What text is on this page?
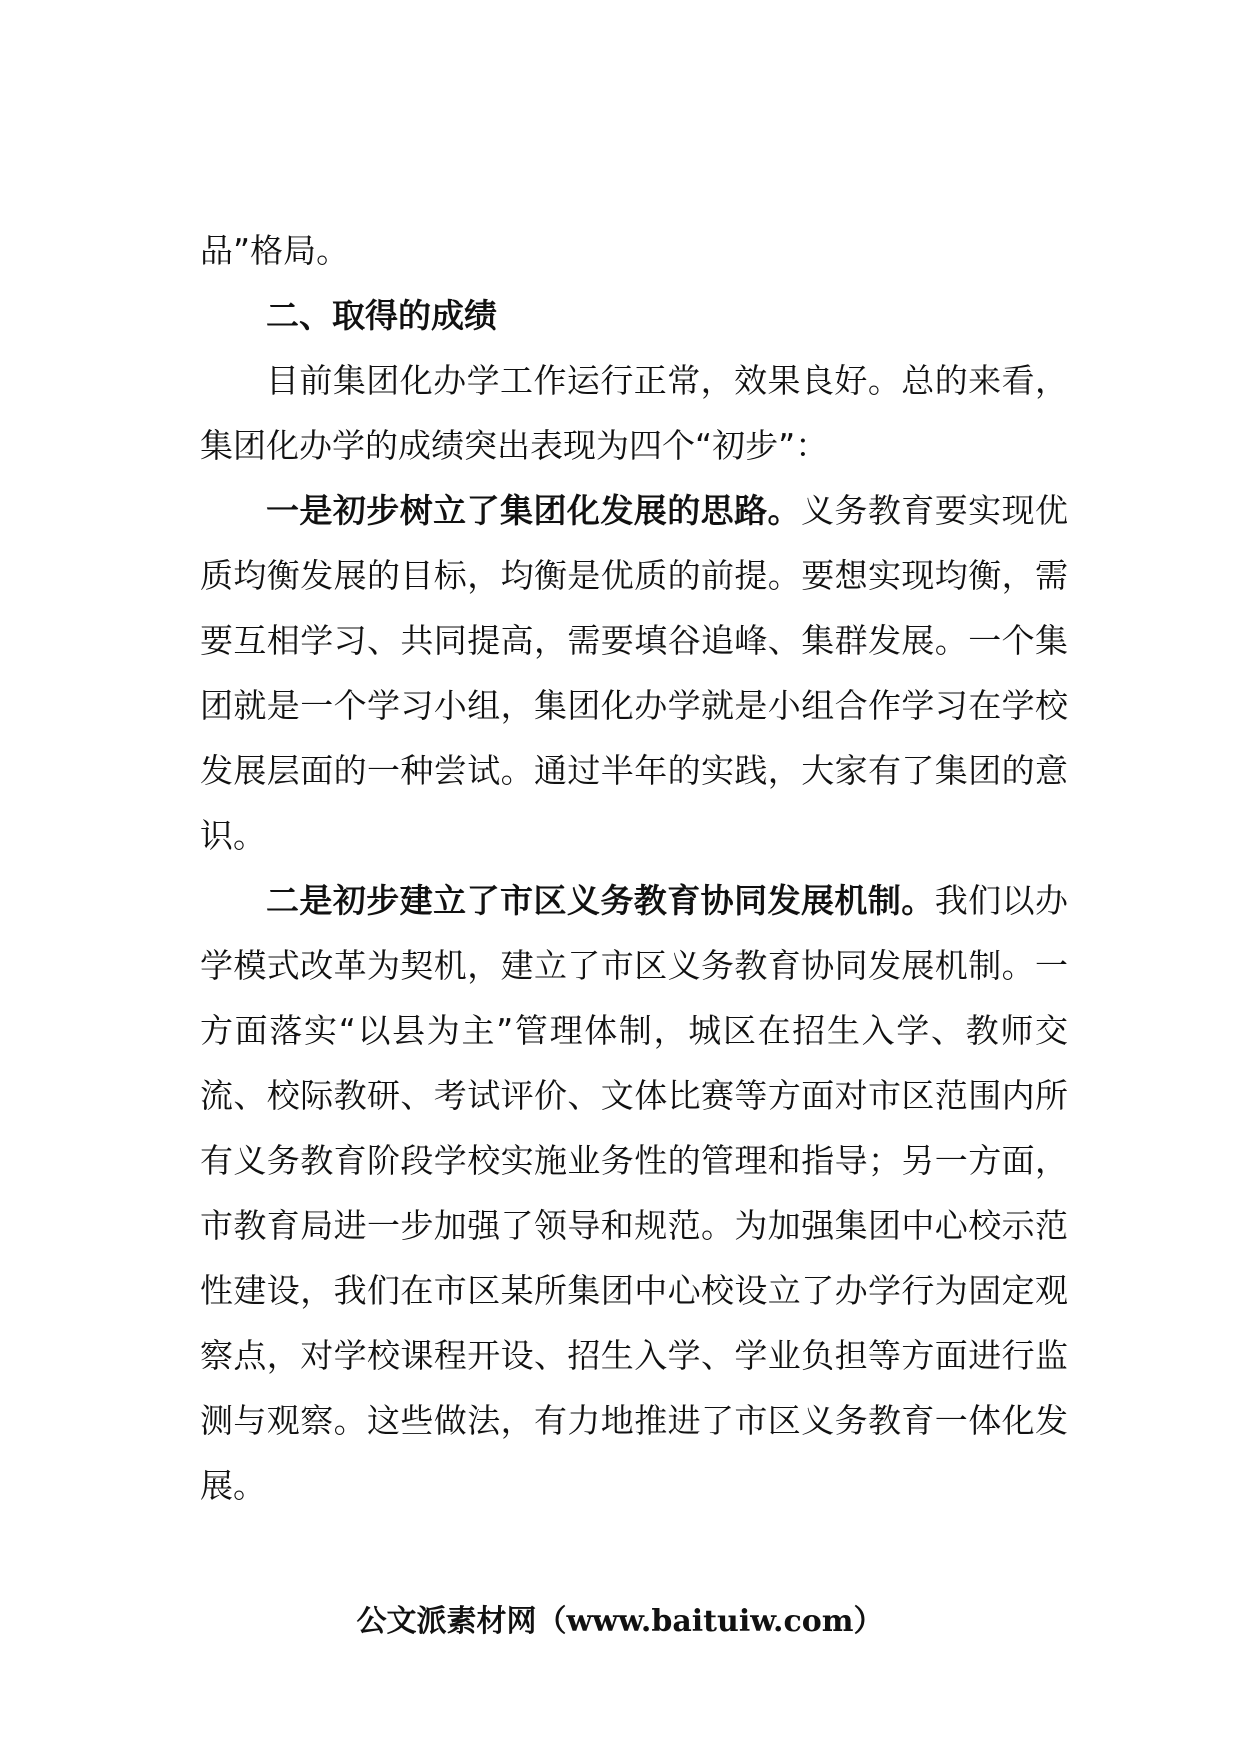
品”格局。

二、取得的成绩

目前集团化办学工作运行正常，效果良好。总的来看，集团化办学的成绩突出表现为四个“初步”：

一是初步树立了集团化发展的思路。义务教育要实现优质均衡发展的目标，均衡是优质的前提。要想实现均衡，需要互相学习、共同提高，需要填谷追峰、集群发展。一个集团就是一个学习小组，集团化办学就是小组合作学习在学校发展层面的一种尝试。通过半年的实践，大家有了集团的意识。

二是初步建立了市区义务教育协同发展机制。我们以办学模式改革为契机，建立了市区义务教育协同发展机制。一方面落实“以县为主”管理体制，城区在招生入学、教师交流、校际教研、考试评价、文体比赛等方面对市区范围内所有义务教育阶段学校实施业务性的管理和指导；另一方面，市教育局进一步加强了领导和规范。为加强集团中心校示范性建设，我们在市区某所集团中心校设立了办学行为固定观察点，对学校课程开设、招生入学、学业负担等方面进行监测与观察。这些做法，有力地推进了市区义务教育一体化发展。

公文派素材网（www.baituiw.com）
